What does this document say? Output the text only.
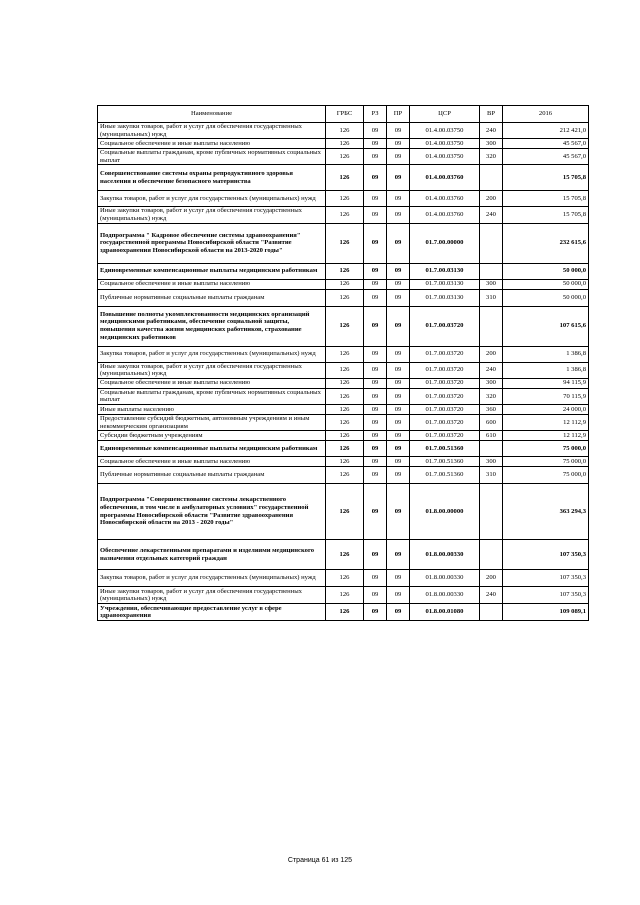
Наименование	ГРБС	РЗ	ПР	ЦСР	ВР	2016
Иные закупки товаров, работ и услуг для обеспечения государственных (муниципальных) нужд	126	09	09	01.4.00.03750	240	212 421,0
Социальное обеспечение и иные выплаты населению	126	09	09	01.4.00.03750	300	45 567,0
Социальные выплаты гражданам, кроме публичных нормативных социальных выплат	126	09	09	01.4.00.03750	320	45 567,0
Совершенствование системы охраны репродуктивного здоровья населения и обеспечение безопасного материнства	126	09	09	01.4.00.03760		15 705,8
Закупка товаров, работ и услуг для государственных (муниципальных) нужд	126	09	09	01.4.00.03760	200	15 705,8
Иные закупки товаров, работ и услуг для обеспечения государственных (муниципальных) нужд	126	09	09	01.4.00.03760	240	15 705,8
Подпрограмма " Кадровое обеспечение системы здравоохранения" государственной программы Новосибирской области "Развитие здравоохранения Новосибирской области на 2013-2020 годы"	126	09	09	01.7.00.00000		232 615,6
Единовременные компенсационные выплаты медицинским работникам	126	09	09	01.7.00.03130		50 000,0
Социальное обеспечение и иные выплаты населению	126	09	09	01.7.00.03130	300	50 000,0
Публичные нормативные социальные выплаты гражданам	126	09	09	01.7.00.03130	310	50 000,0
Повышение полноты укомплектованности медицинских организаций медицинскими работниками, обеспечение социальной защиты, повышения качества жизни медицинских работников, страхование медицинских работников	126	09	09	01.7.00.03720		107 615,6
Закупка товаров, работ и услуг для государственных (муниципальных) нужд	126	09	09	01.7.00.03720	200	1 386,8
Иные закупки товаров, работ и услуг для обеспечения государственных (муниципальных) нужд	126	09	09	01.7.00.03720	240	1 386,8
Социальное обеспечение и иные выплаты населению	126	09	09	01.7.00.03720	300	94 115,9
Социальные выплаты гражданам, кроме публичных нормативных социальных выплат	126	09	09	01.7.00.03720	320	70 115,9
Иные выплаты населению	126	09	09	01.7.00.03720	360	24 000,0
Предоставление субсидий бюджетным, автономным учреждениям и иным некоммерческим организациям	126	09	09	01.7.00.03720	600	12 112,9
Субсидии бюджетным учреждениям	126	09	09	01.7.00.03720	610	12 112,9
Единовременные компенсационные выплаты медицинским работникам	126	09	09	01.7.00.51360		75 000,0
Социальное обеспечение и иные выплаты населению	126	09	09	01.7.00.51360	300	75 000,0
Публичные нормативные социальные выплаты гражданам	126	09	09	01.7.00.51360	310	75 000,0
Подпрограмма "Совершенствование системы лекарственного обеспечения, в том числе в амбулаторных условиях" государственной программы Новосибирской области "Развитие здравоохранения Новосибирской области на 2013 - 2020 годы"	126	09	09	01.8.00.00000		363 294,3
Обеспечение лекарственными препаратами и изделиями медицинского назначения отдельных категорий граждан	126	09	09	01.8.00.00330		107 350,3
Закупка товаров, работ и услуг для государственных (муниципальных) нужд	126	09	09	01.8.00.00330	200	107 350,3
Иные закупки товаров, работ и услуг для обеспечения государственных (муниципальных) нужд	126	09	09	01.8.00.00330	240	107 350,3
Учреждения, обеспечивающие предоставление услуг в сфере здравоохранения	126	09	09	01.8.00.01080		109 089,1
Страница 61 из 125
